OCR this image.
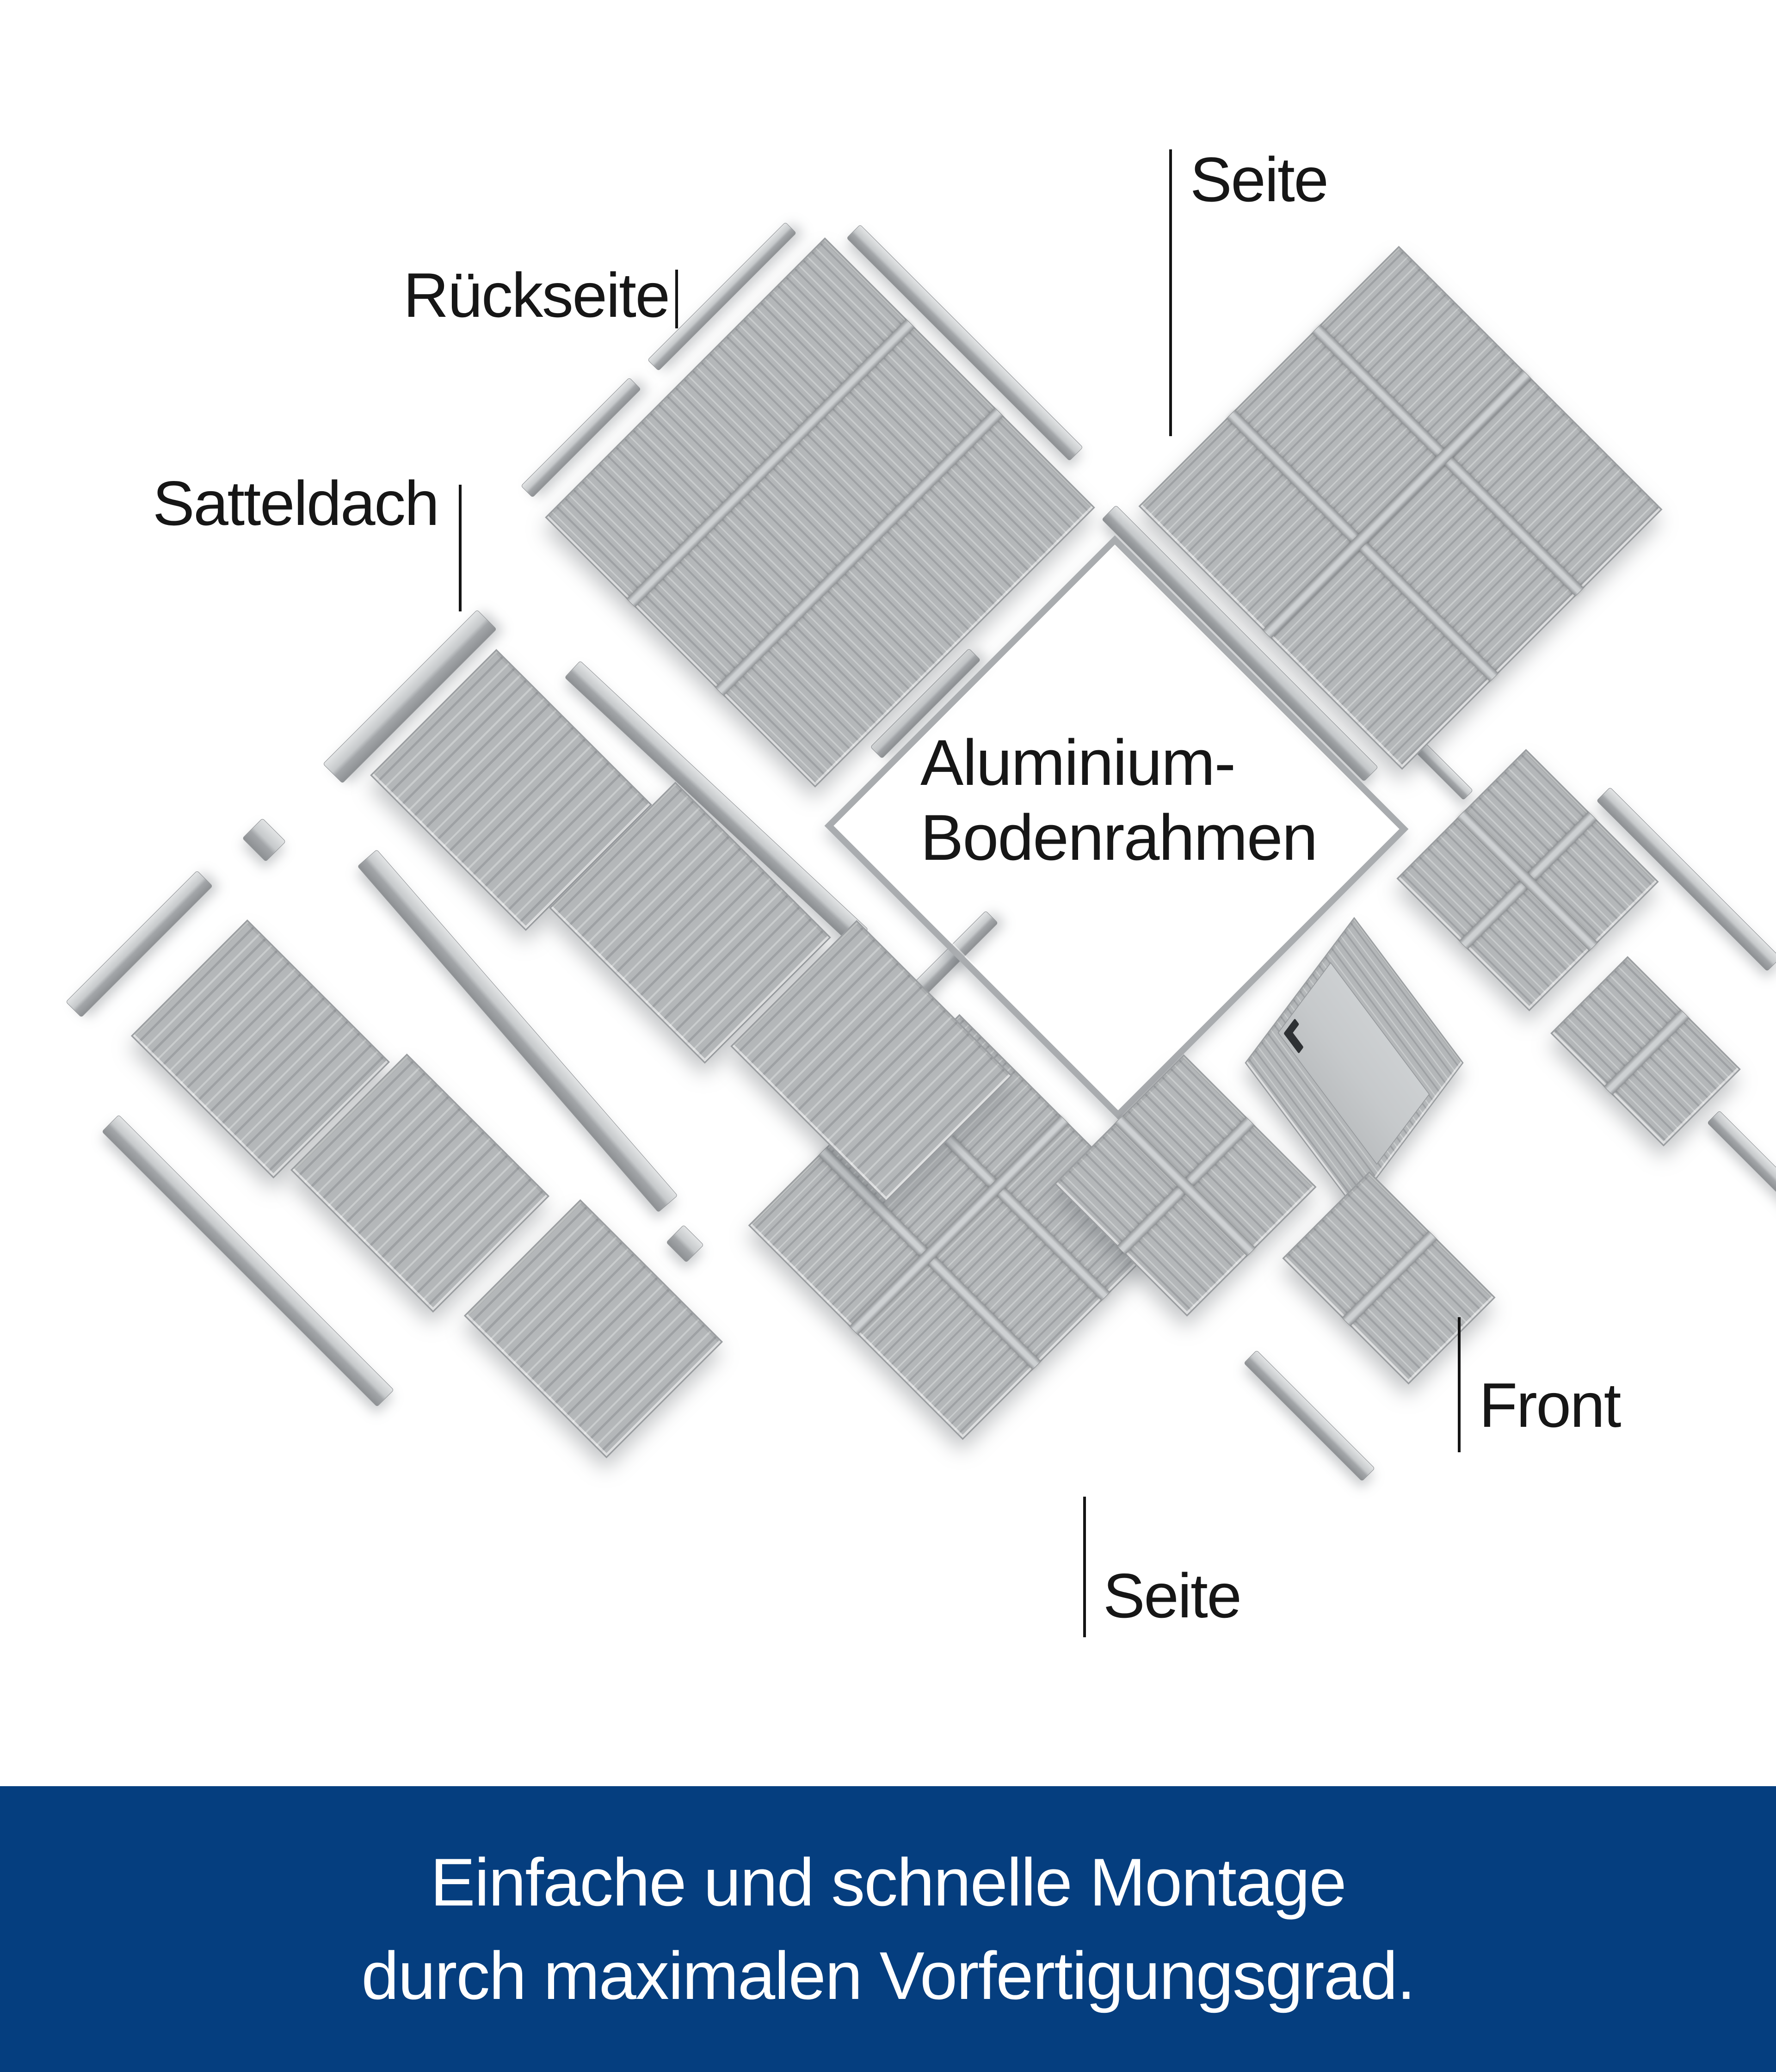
Seite
Rückseite
Satteldach
Aluminium-
Bodenrahmen
Front
Seite
Einfache und schnelle Montage
durch maximalen Vorfertigungsgrad.
